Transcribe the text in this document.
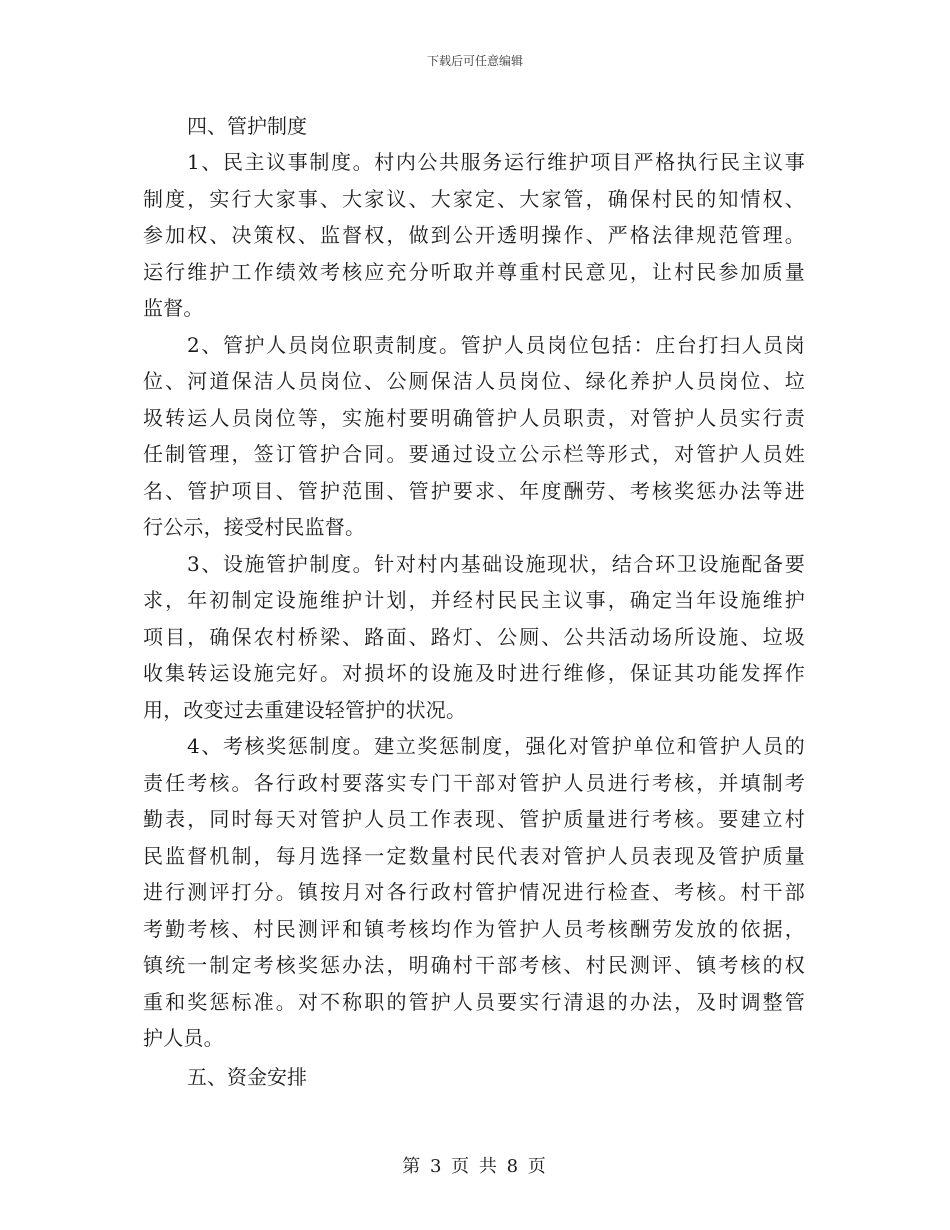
下载后可任意编辑
四、管护制度
1、民主议事制度。村内公共服务运行维护项目严格执行民主议事
制度，实行大家事、大家议、大家定、大家管，确保村民的知情权、
参加权、决策权、监督权，做到公开透明操作、严格法律规范管理。
运行维护工作绩效考核应充分听取并尊重村民意见，让村民参加质量
监督。
2、管护人员岗位职责制度。管护人员岗位包括：庄台打扫人员岗
位、河道保洁人员岗位、公厕保洁人员岗位、绿化养护人员岗位、垃
圾转运人员岗位等，实施村要明确管护人员职责，对管护人员实行责
任制管理，签订管护合同。要通过设立公示栏等形式，对管护人员姓
名、管护项目、管护范围、管护要求、年度酬劳、考核奖惩办法等进
行公示，接受村民监督。
3、设施管护制度。针对村内基础设施现状，结合环卫设施配备要
求，年初制定设施维护计划，并经村民民主议事，确定当年设施维护
项目，确保农村桥梁、路面、路灯、公厕、公共活动场所设施、垃圾
收集转运设施完好。对损坏的设施及时进行维修，保证其功能发挥作
用，改变过去重建设轻管护的状况。
4、考核奖惩制度。建立奖惩制度，强化对管护单位和管护人员的
责任考核。各行政村要落实专门干部对管护人员进行考核，并填制考
勤表，同时每天对管护人员工作表现、管护质量进行考核。要建立村
民监督机制，每月选择一定数量村民代表对管护人员表现及管护质量
进行测评打分。镇按月对各行政村管护情况进行检查、考核。村干部
考勤考核、村民测评和镇考核均作为管护人员考核酬劳发放的依据，
镇统一制定考核奖惩办法，明确村干部考核、村民测评、镇考核的权
重和奖惩标准。对不称职的管护人员要实行清退的办法，及时调整管
护人员。
五、资金安排
第 3 页 共 8 页
